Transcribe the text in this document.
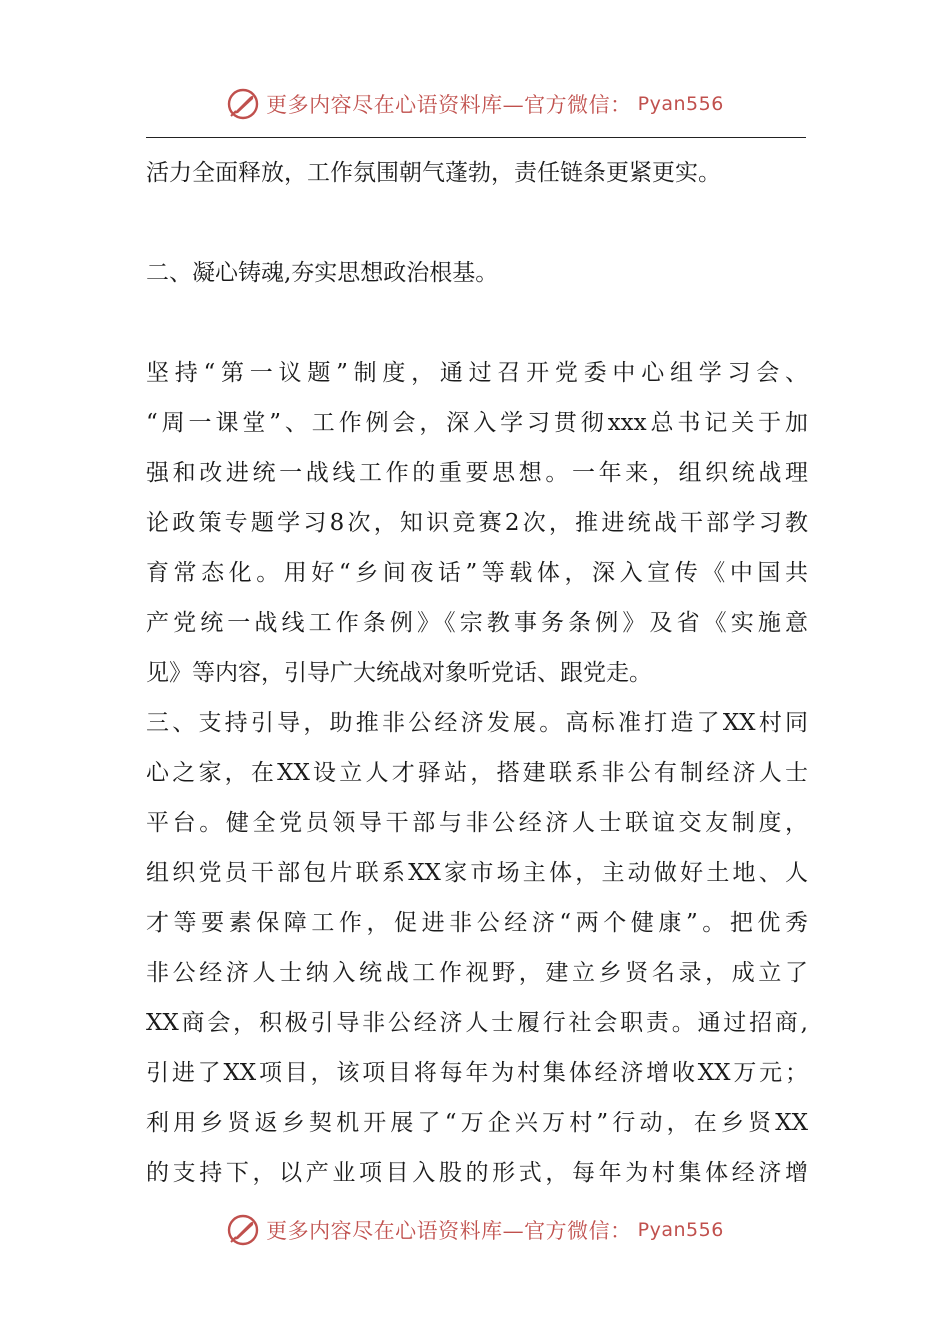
更多内容尽在心语资料库—官方微信： Pyan556
活力全面释放，工作氛围朝气蓬勃，责任链条更紧更实。
二、凝心铸魂,夯实思想政治根基。
坚持“第一议题”制度，通过召开党委中心组学习会、
“周一课堂”、工作例会，深入学习贯彻xxx总书记关于加
强和改进统一战线工作的重要思想。一年来，组织统战理
论政策专题学习8次，知识竞赛2次，推进统战干部学习教
育常态化。用好“乡间夜话”等载体，深入宣传《中国共
产党统一战线工作条例》《宗教事务条例》及省《实施意
见》等内容，引导广大统战对象听党话、跟党走。
三、支持引导，助推非公经济发展。高标准打造了XX村同
心之家，在XX设立人才驿站，搭建联系非公有制经济人士
平台。健全党员领导干部与非公经济人士联谊交友制度，
组织党员干部包片联系XX家市场主体，主动做好土地、人
才等要素保障工作，促进非公经济“两个健康”。把优秀
非公经济人士纳入统战工作视野，建立乡贤名录，成立了
XX商会，积极引导非公经济人士履行社会职责。通过招商,
引进了XX项目，该项目将每年为村集体经济增收XX万元；
利用乡贤返乡契机开展了“万企兴万村”行动，在乡贤XX
的支持下，以产业项目入股的形式，每年为村集体经济增
更多内容尽在心语资料库—官方微信： Pyan556
